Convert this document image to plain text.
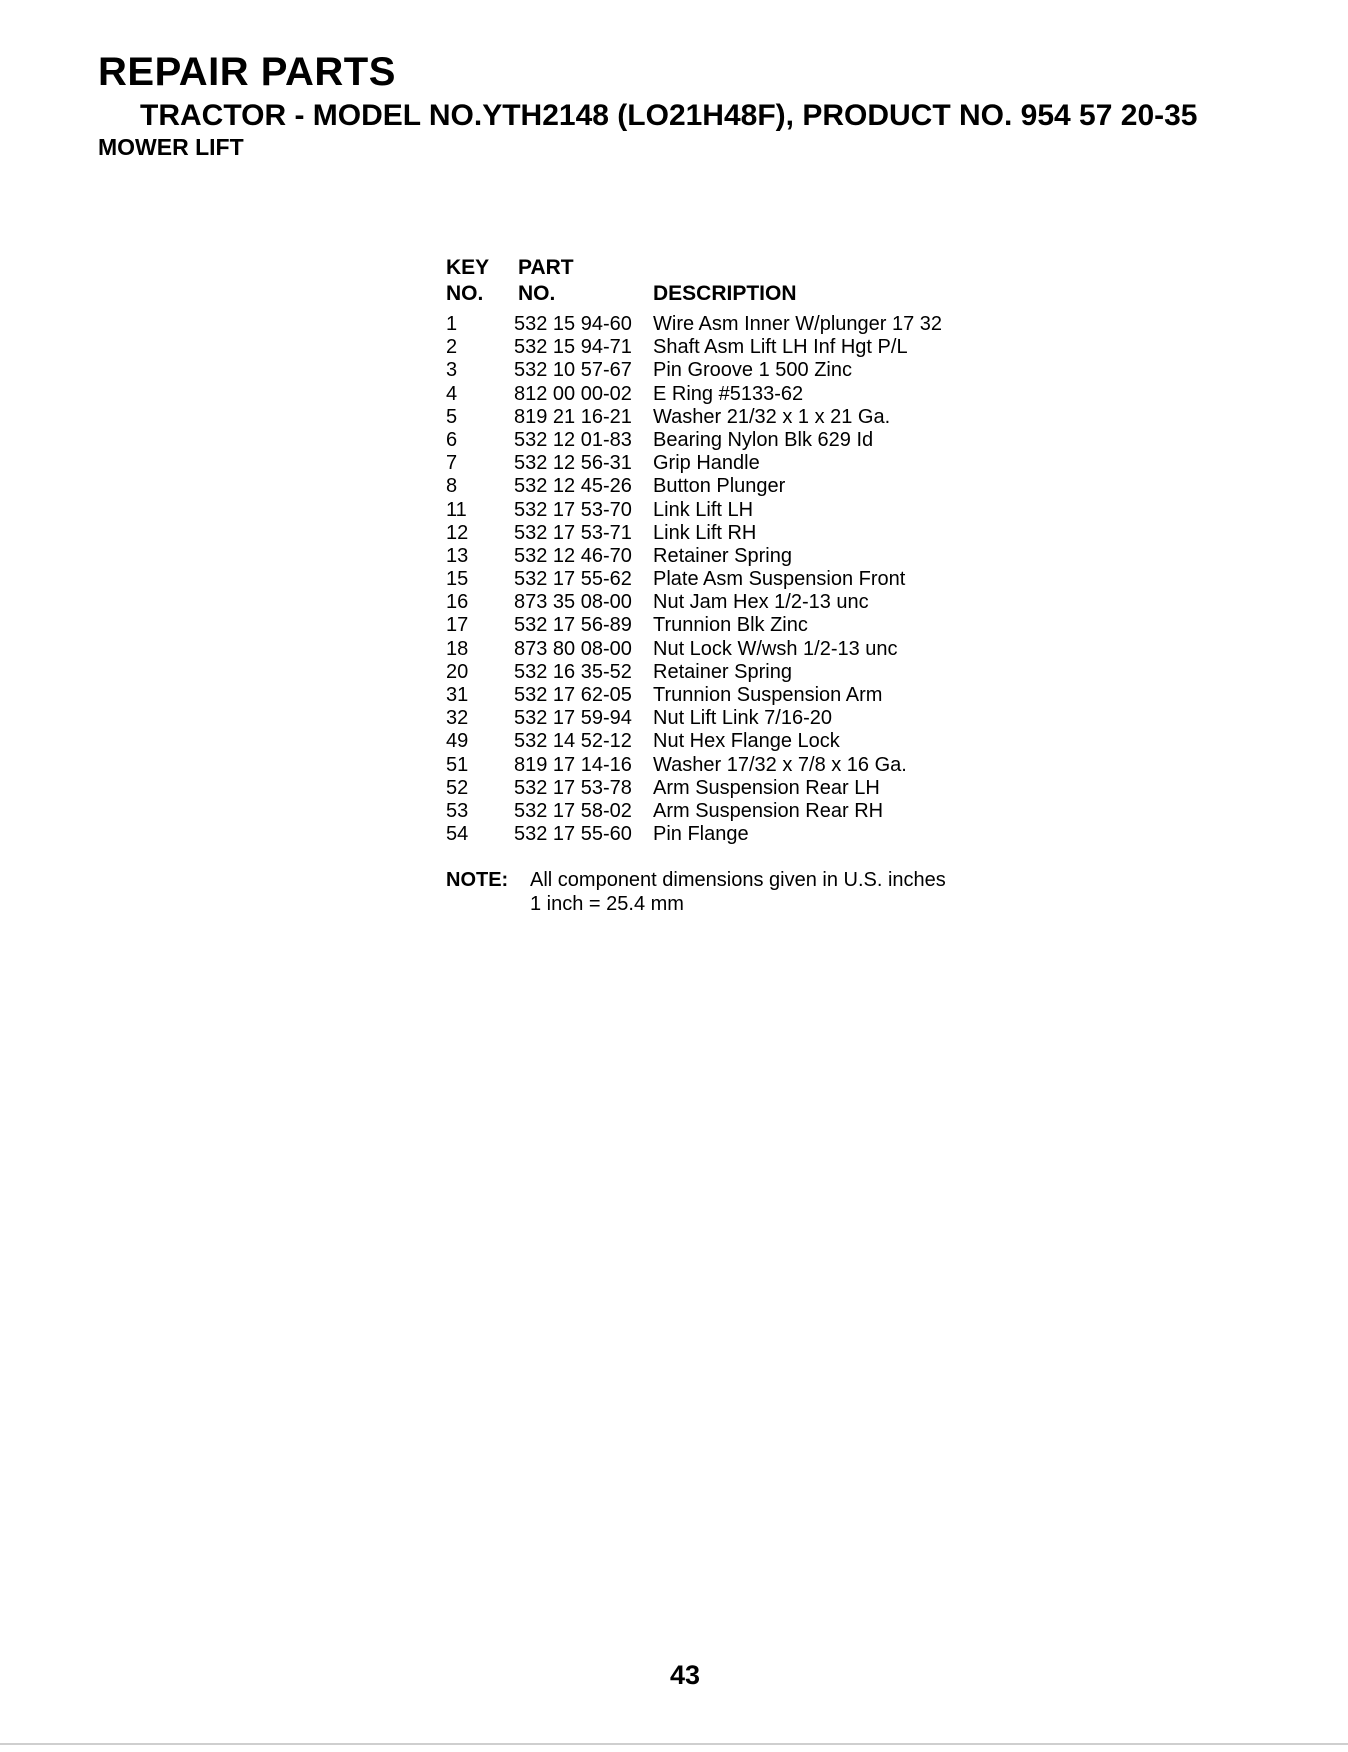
REPAIR PARTS
TRACTOR - MODEL NO.YTH2148 (LO21H48F), PRODUCT NO. 954 57 20-35
MOWER LIFT
KEY
NO.
PART
NO.	DESCRIPTION
1	532 15 94-60 Wire Asm Inner W/plunger 17 32
2	532 15 94-71 Shaft Asm Lift LH Inf Hgt P/L
3	532 10 57-67 Pin Groove 1 500 Zinc
4	812 00 00-02 E Ring #5133-62
5	819 21 16-21 Washer 21/32 x 1 x 21 Ga.
6	532 12 01-83 Bearing Nylon Blk 629 Id
7	532 12 56-31 Grip Handle
8	532 12 45-26 Button Plunger
11 532 17 53-70 Link Lift LH
12 532 17 53-71 Link Lift RH
13 532 12 46-70 Retainer Spring
15 532 17 55-62 Plate Asm Suspension Front
16 873 35 08-00 Nut Jam Hex 1/2-13 unc
17 532 17 56-89 Trunnion Blk Zinc
18 873 80 08-00 Nut Lock W/wsh 1/2-13 unc
20 532 16 35-52 Retainer Spring
31 532 17 62-05 Trunnion Suspension Arm
32 532 17 59-94 Nut Lift Link 7/16-20
49 532 14 52-12 Nut Hex Flange Lock
51 819 17 14-16 Washer 17/32 x 7/8 x 16 Ga.
52 532 17 53-78 Arm Suspension Rear LH
53 532 17 58-02 Arm Suspension Rear RH
54 532 17 55-60 Pin Flange
NOTE: All component dimensions given in U.S. inches
1 inch = 25.4 mm
43
